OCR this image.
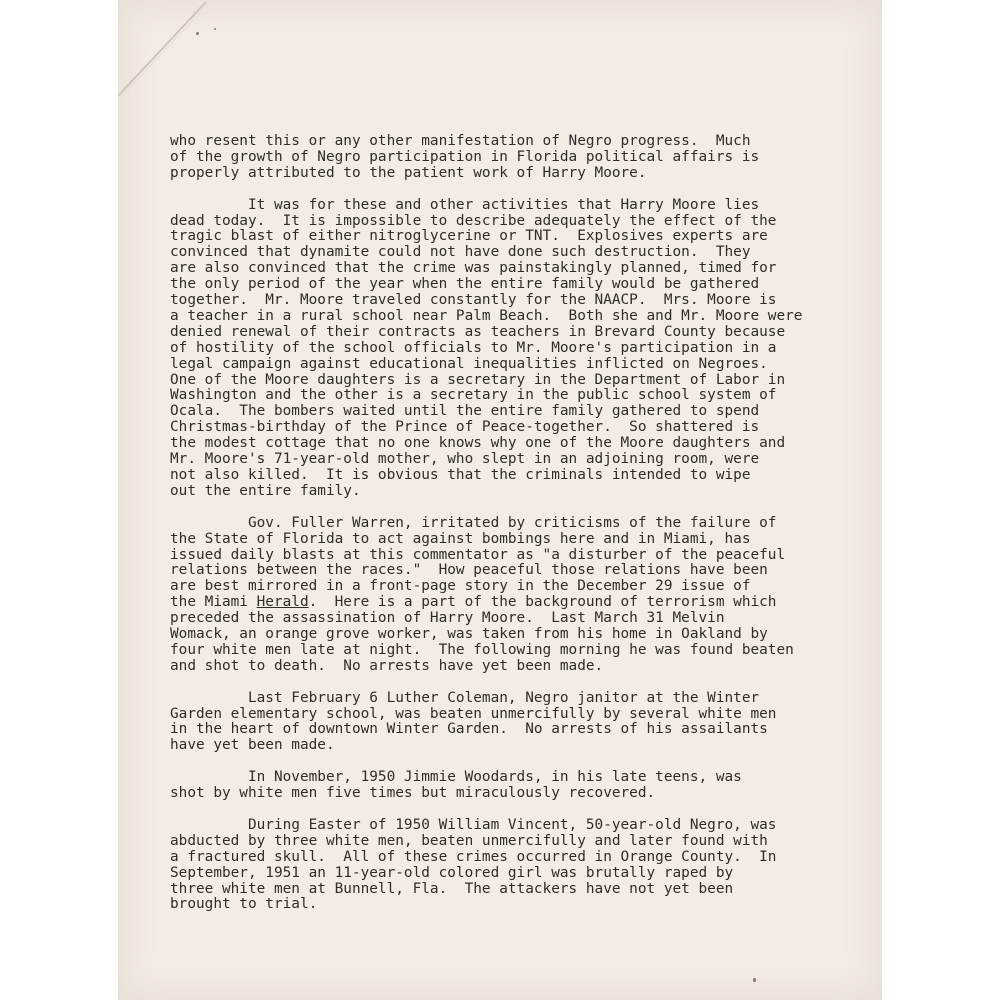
who resent this or any other manifestation of Negro progress.  Much
of the growth of Negro participation in Florida political affairs is
properly attributed to the patient work of Harry Moore.

It was for these and other activities that Harry Moore lies
dead today.  It is impossible to describe adequately the effect of the
tragic blast of either nitroglycerine or TNT.  Explosives experts are
convinced that dynamite could not have done such destruction.  They
are also convinced that the crime was painstakingly planned, timed for
the only period of the year when the entire family would be gathered
together.  Mr. Moore traveled constantly for the NAACP.  Mrs. Moore is
a teacher in a rural school near Palm Beach.  Both she and Mr. Moore were
denied renewal of their contracts as teachers in Brevard County because
of hostility of the school officials to Mr. Moore's participation in a
legal campaign against educational inequalities inflicted on Negroes.
One of the Moore daughters is a secretary in the Department of Labor in
Washington and the other is a secretary in the public school system of
Ocala.  The bombers waited until the entire family gathered to spend
Christmas-birthday of the Prince of Peace-together.  So shattered is
the modest cottage that no one knows why one of the Moore daughters and
Mr. Moore's 71-year-old mother, who slept in an adjoining room, were
not also killed.  It is obvious that the criminals intended to wipe
out the entire family.

Gov. Fuller Warren, irritated by criticisms of the failure of
the State of Florida to act against bombings here and in Miami, has
issued daily blasts at this commentator as "a disturber of the peaceful
relations between the races."  How peaceful those relations have been
are best mirrored in a front-page story in the December 29 issue of
the Miami Herald.  Here is a part of the background of terrorism which
preceded the assassination of Harry Moore.  Last March 31 Melvin
Womack, an orange grove worker, was taken from his home in Oakland by
four white men late at night.  The following morning he was found beaten
and shot to death.  No arrests have yet been made.

Last February 6 Luther Coleman, Negro janitor at the Winter
Garden elementary school, was beaten unmercifully by several white men
in the heart of downtown Winter Garden.  No arrests of his assailants
have yet been made.

In November, 1950 Jimmie Woodards, in his late teens, was
shot by white men five times but miraculously recovered.

During Easter of 1950 William Vincent, 50-year-old Negro, was
abducted by three white men, beaten unmercifully and later found with
a fractured skull.  All of these crimes occurred in Orange County.  In
September, 1951 an 11-year-old colored girl was brutally raped by
three white men at Bunnell, Fla.  The attackers have not yet been
brought to trial.
